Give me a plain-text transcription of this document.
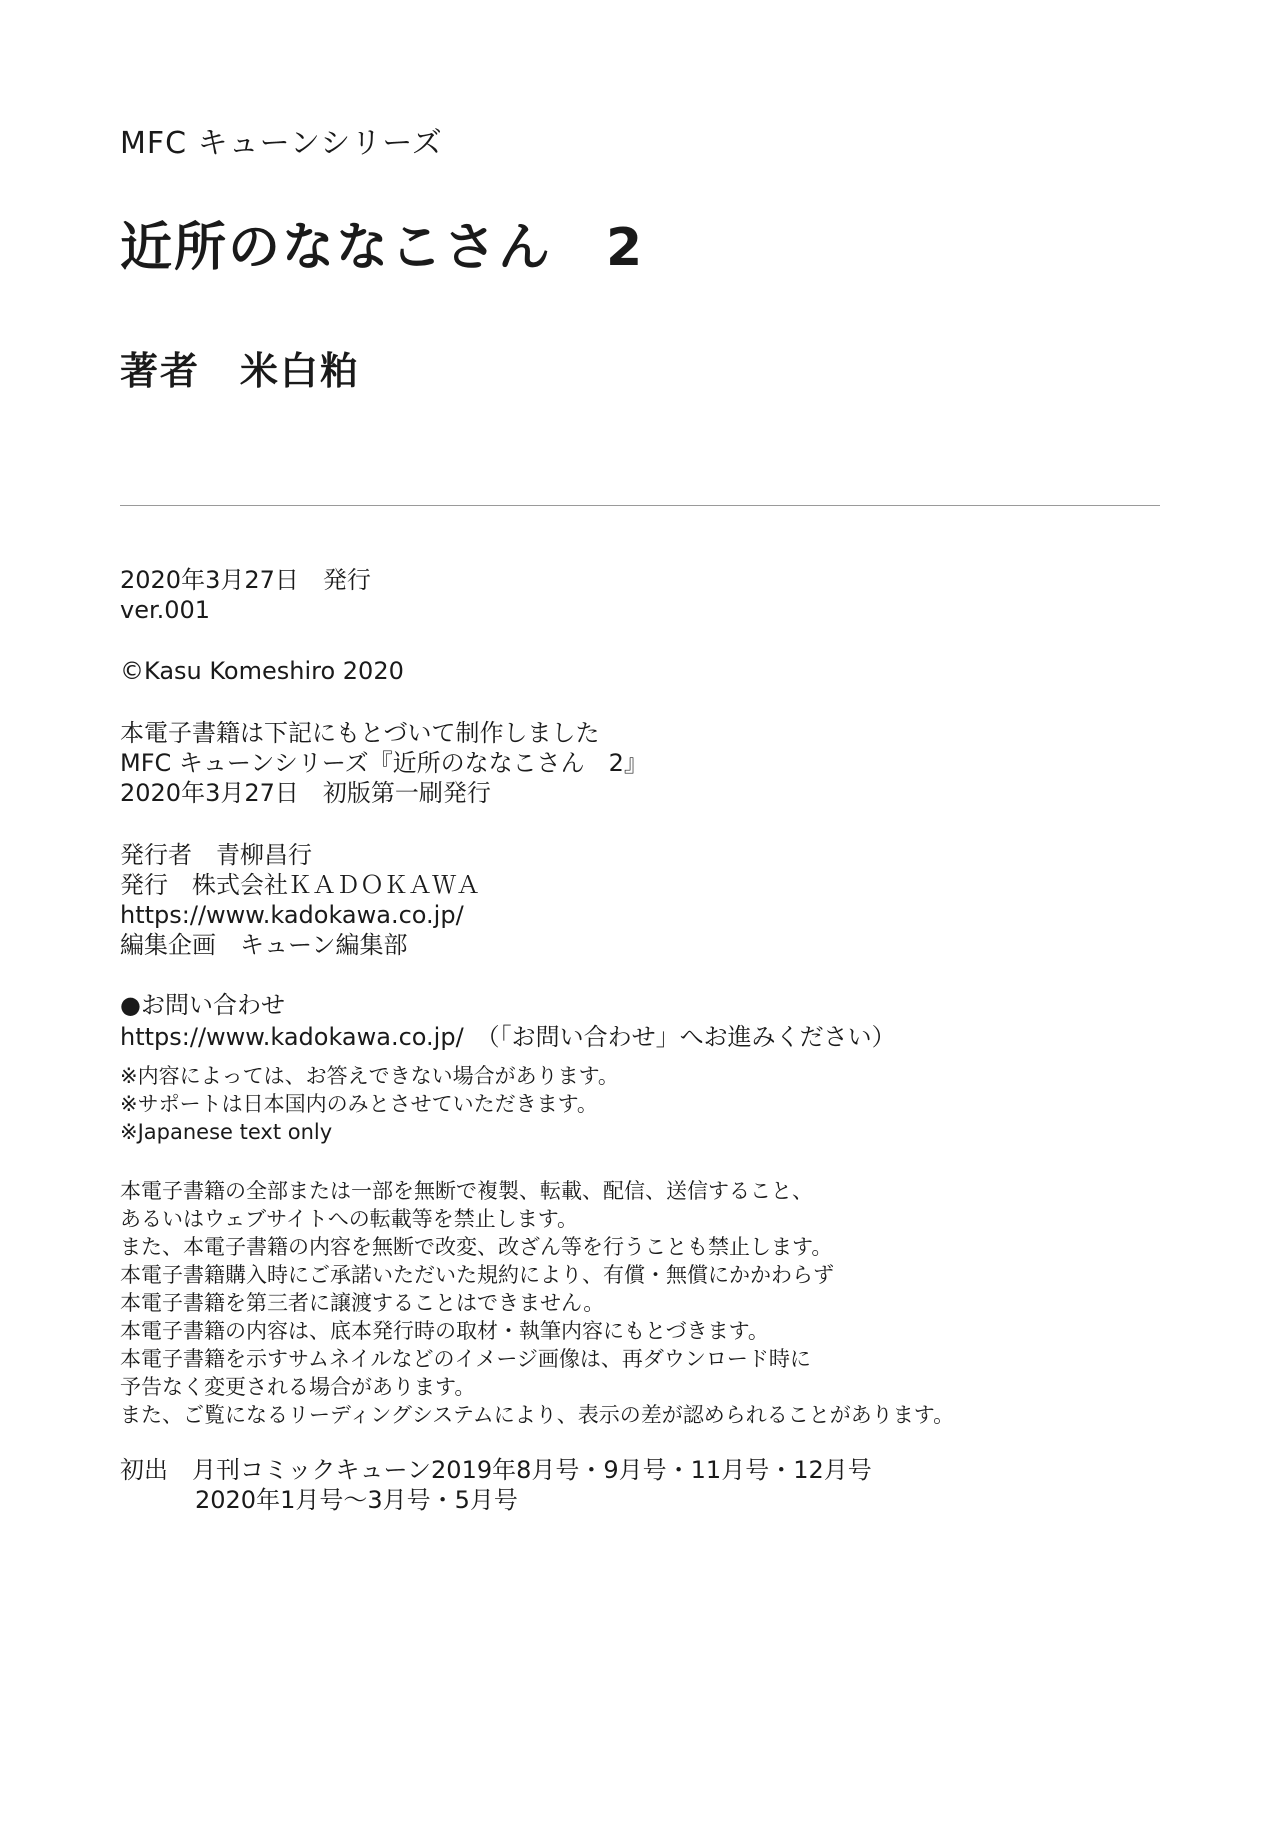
MFC キューンシリーズ
近所のななこさん　2
著者　米白粕
2020年3月27日　発行
ver.001
©Kasu Komeshiro 2020
本電子書籍は下記にもとづいて制作しました
MFC キューンシリーズ『近所のななこさん　2』
2020年3月27日　初版第一刷発行
発行者　青柳昌行
発行　株式会社ＫＡＤＯＫＡＷＡ
https://www.kadokawa.co.jp/
編集企画　キューン編集部
●お問い合わせ
https://www.kadokawa.co.jp/　（「お問い合わせ」へお進みください）
※内容によっては、お答えできない場合があります。
※サポートは日本国内のみとさせていただきます。
※Japanese text only
本電子書籍の全部または一部を無断で複製、転載、配信、送信すること、
あるいはウェブサイトへの転載等を禁止します。
また、本電子書籍の内容を無断で改変、改ざん等を行うことも禁止します。
本電子書籍購入時にご承諾いただいた規約により、有償・無償にかかわらず
本電子書籍を第三者に譲渡することはできません。
本電子書籍の内容は、底本発行時の取材・執筆内容にもとづきます。
本電子書籍を示すサムネイルなどのイメージ画像は、再ダウンロード時に
予告なく変更される場合があります。
また、ご覧になるリーディングシステムにより、表示の差が認められることがあります。
初出　月刊コミックキューン2019年8月号・9月号・11月号・12月号
2020年1月号〜3月号・5月号
